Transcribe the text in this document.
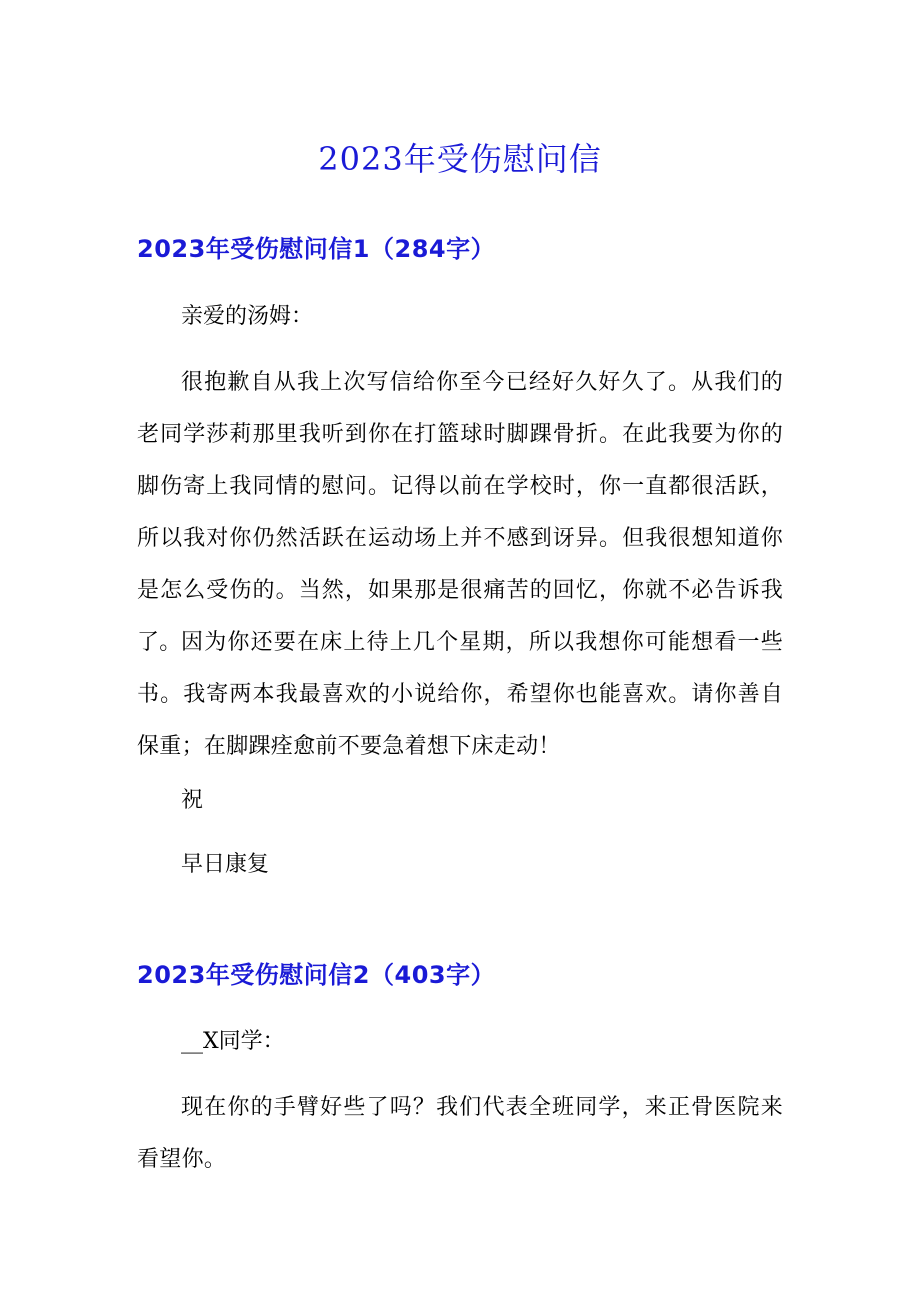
2023年受伤慰问信
2023年受伤慰问信1（284字）

亲爱的汤姆：

很抱歉自从我上次写信给你至今已经好久好久了。从我们的老同学莎莉那里我听到你在打篮球时脚踝骨折。在此我要为你的脚伤寄上我同情的慰问。记得以前在学校时，你一直都很活跃，所以我对你仍然活跃在运动场上并不感到讶异。但我很想知道你是怎么受伤的。当然，如果那是很痛苦的回忆，你就不必告诉我了。 因为你还要在床上待上几个星期，所以我想你可能想看一些书。我寄两本我最喜欢的小说给你，希望你也能喜欢。请你善自保重；在脚踝痊愈前不要急着想下床走动！

祝

早日康复

2023年受伤慰问信2（403字）

__X同学：

现在你的手臂好些了吗？我们代表全班同学，来正骨医院来看望你。
